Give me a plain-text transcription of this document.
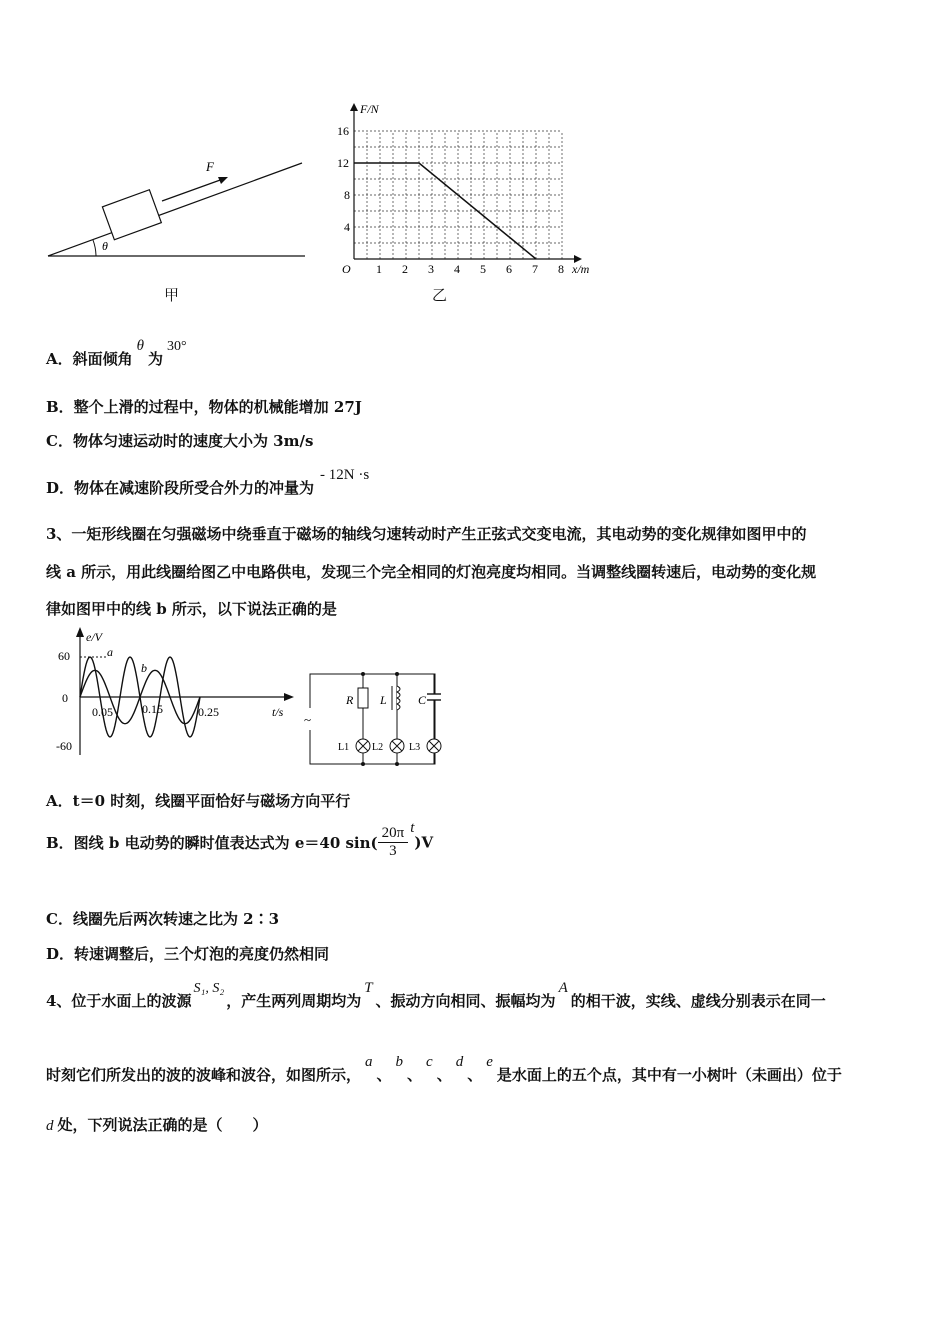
F
θ
甲
1 2 3 4 5 6 7 8
4
8
12
16
F/N
x/m
O
乙
A．斜面倾角θ为30°
B．整个上滑的过程中，物体的机械能增加 27J
C．物体匀速运动时的速度大小为 3m/s
D．物体在减速阶段所受合外力的冲量为- 12N ·s
3、一矩形线圈在匀强磁场中绕垂直于磁场的轴线匀速转动时产生正弦式交变电流，其电动势的变化规律如图甲中的
线 a 所示，用此线圈给图乙中电路供电，发现三个完全相同的灯泡亮度均相同。当调整线圈转速后，电动势的变化规
律如图甲中的线 b 所示，以下说法正确的是
e/V
t/s
60
-60
0
0.05 0.15	0.25
a
b
~
R L	C
L1 L2	L3
A．t＝0 时刻，线圈平面恰好与磁场方向平行
B．图线 b 电动势的瞬时值表达式为 e＝40 $\sin( \frac{20\pi}{3} t)V$
C．线圈先后两次转速之比为 2∶3
D．转速调整后，三个灯泡的亮度仍然相同
4、位于水面上的波源S₁, S₂，产生两列周期均为T、振动方向相同、振幅均为A的相干波，实线、虚线分别表示在同一
时刻它们所发出的波的波峰和波谷，如图所示，a、b、c、d、e是水面上的五个点，其中有一小树叶（未画出）位于
d 处，下列说法正确的是（　　）
